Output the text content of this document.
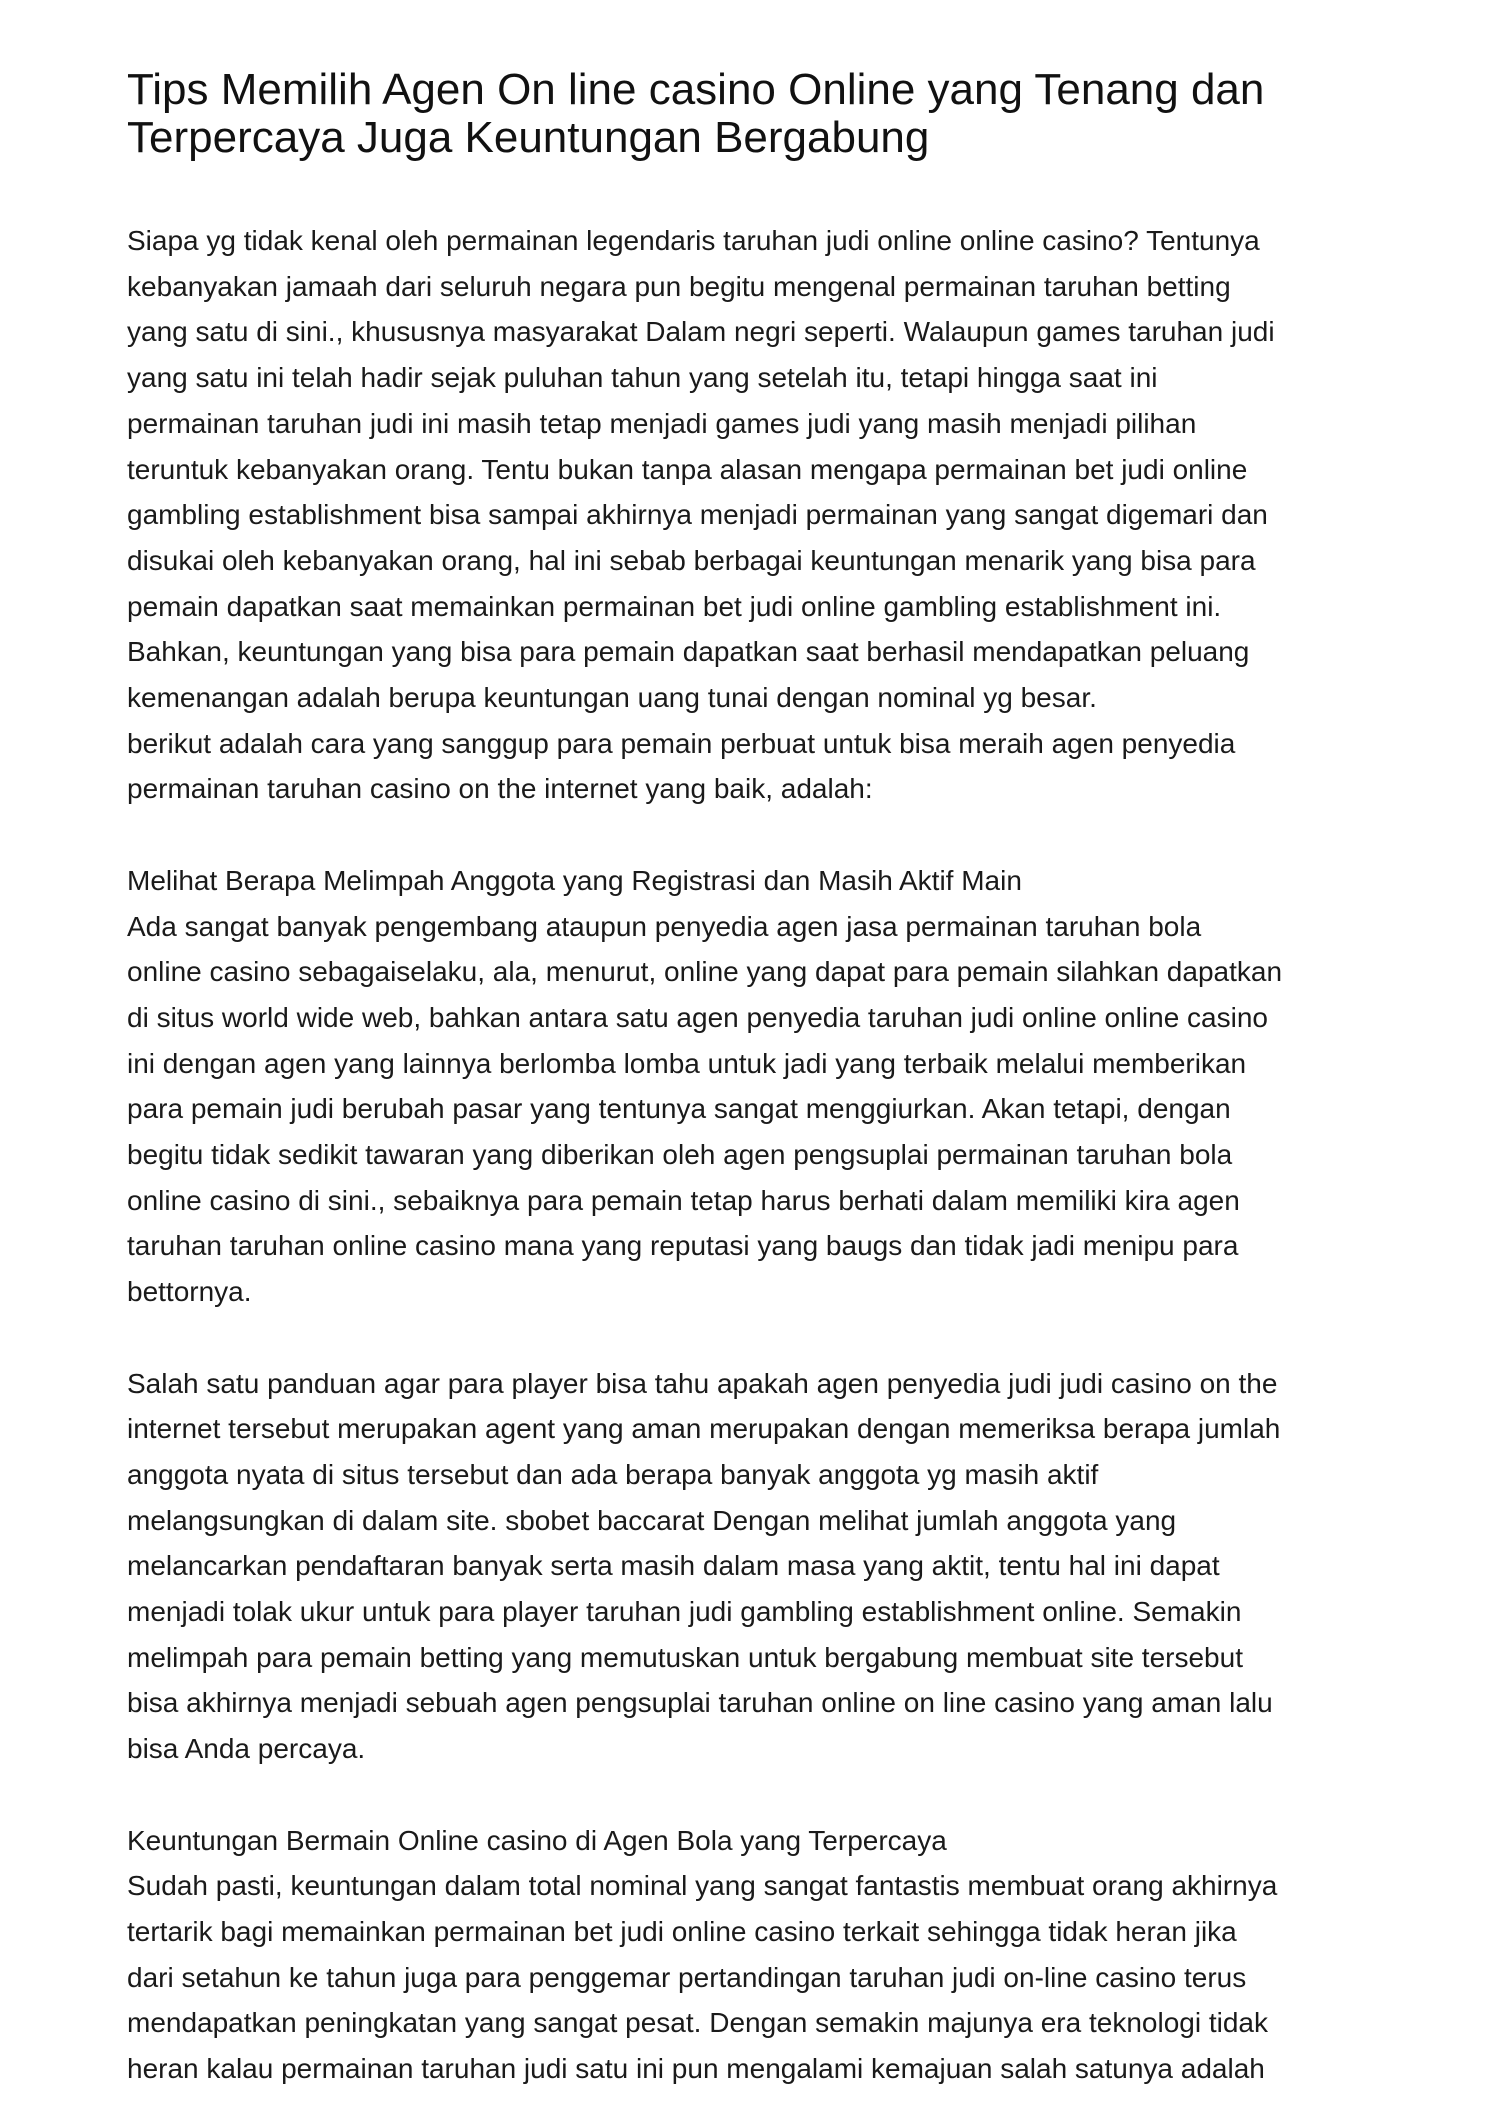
Tips Memilih Agen On line casino Online yang Tenang dan
Terpercaya Juga Keuntungan Bergabung

Siapa yg tidak kenal oleh permainan legendaris taruhan judi online online casino? Tentunya
kebanyakan jamaah dari seluruh negara pun begitu mengenal permainan taruhan betting
yang satu di sini., khususnya masyarakat Dalam negri seperti. Walaupun games taruhan judi
yang satu ini telah hadir sejak puluhan tahun yang setelah itu, tetapi hingga saat ini
permainan taruhan judi ini masih tetap menjadi games judi yang masih menjadi pilihan
teruntuk kebanyakan orang. Tentu bukan tanpa alasan mengapa permainan bet judi online
gambling establishment bisa sampai akhirnya menjadi permainan yang sangat digemari dan
disukai oleh kebanyakan orang, hal ini sebab berbagai keuntungan menarik yang bisa para
pemain dapatkan saat memainkan permainan bet judi online gambling establishment ini.
Bahkan, keuntungan yang bisa para pemain dapatkan saat berhasil mendapatkan peluang
kemenangan adalah berupa keuntungan uang tunai dengan nominal yg besar.
berikut adalah cara yang sanggup para pemain perbuat untuk bisa meraih agen penyedia
permainan taruhan casino on the internet yang baik, adalah:

Melihat Berapa Melimpah Anggota yang Registrasi dan Masih Aktif Main

Ada sangat banyak pengembang ataupun penyedia agen jasa permainan taruhan bola
online casino sebagaiselaku, ala, menurut, online yang dapat para pemain silahkan dapatkan
di situs world wide web, bahkan antara satu agen penyedia taruhan judi online online casino
ini dengan agen yang lainnya berlomba lomba untuk jadi yang terbaik melalui memberikan
para pemain judi berubah pasar yang tentunya sangat menggiurkan. Akan tetapi, dengan
begitu tidak sedikit tawaran yang diberikan oleh agen pengsuplai permainan taruhan bola
online casino di sini., sebaiknya para pemain tetap harus berhati dalam memiliki kira agen
taruhan taruhan online casino mana yang reputasi yang baugs dan tidak jadi menipu para
bettornya.

Salah satu panduan agar para player bisa tahu apakah agen penyedia judi judi casino on the
internet tersebut merupakan agent yang aman merupakan dengan memeriksa berapa jumlah
anggota nyata di situs tersebut dan ada berapa banyak anggota yg masih aktif
melangsungkan di dalam site. sbobet baccarat Dengan melihat jumlah anggota yang
melancarkan pendaftaran banyak serta masih dalam masa yang aktit, tentu hal ini dapat
menjadi tolak ukur untuk para player taruhan judi gambling establishment online. Semakin
melimpah para pemain betting yang memutuskan untuk bergabung membuat site tersebut
bisa akhirnya menjadi sebuah agen pengsuplai taruhan online on line casino yang aman lalu
bisa Anda percaya.

Keuntungan Bermain Online casino di Agen Bola yang Terpercaya

Sudah pasti, keuntungan dalam total nominal yang sangat fantastis membuat orang akhirnya
tertarik bagi memainkan permainan bet judi online casino terkait sehingga tidak heran jika
dari setahun ke tahun juga para penggemar pertandingan taruhan judi on-line casino terus
mendapatkan peningkatan yang sangat pesat. Dengan semakin majunya era teknologi tidak
heran kalau permainan taruhan judi satu ini pun mengalami kemajuan salah satunya adalah
